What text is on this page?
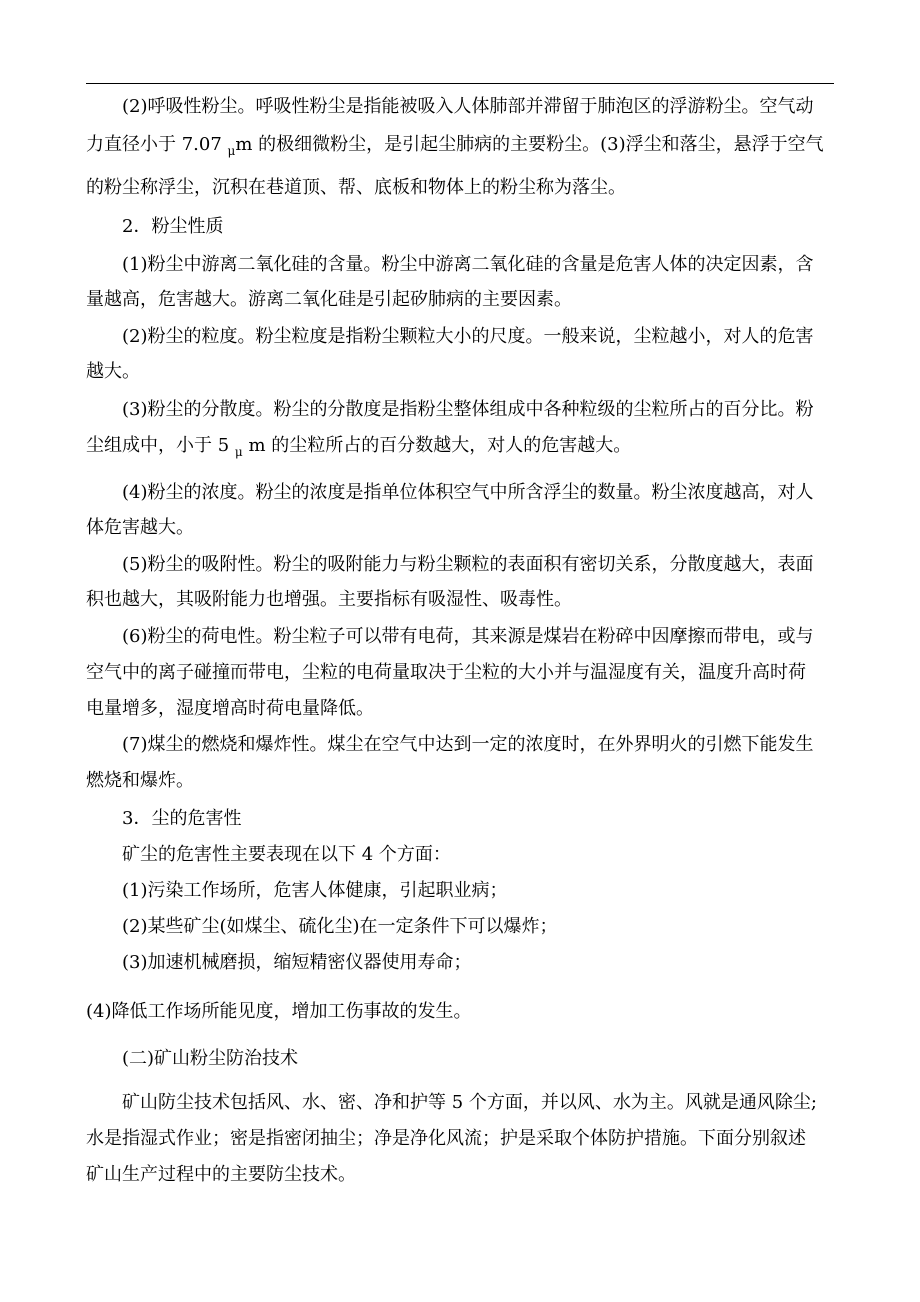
(2)呼吸性粉尘。呼吸性粉尘是指能被吸入人体肺部并滞留于肺泡区的浮游粉尘。空气动
力直径小于 7.07 $_\mu$m 的极细微粉尘，是引起尘肺病的主要粉尘。(3)浮尘和落尘，悬浮于空气
的粉尘称浮尘，沉积在巷道顶、帮、底板和物体上的粉尘称为落尘。
2．粉尘性质
(1)粉尘中游离二氧化硅的含量。粉尘中游离二氧化硅的含量是危害人体的决定因素，含
量越高，危害越大。游离二氧化硅是引起矽肺病的主要因素。
(2)粉尘的粒度。粉尘粒度是指粉尘颗粒大小的尺度。一般来说，尘粒越小，对人的危害
越大。
(3)粉尘的分散度。粉尘的分散度是指粉尘整体组成中各种粒级的尘粒所占的百分比。粉
尘组成中，小于 5 $_\mu$ m 的尘粒所占的百分数越大，对人的危害越大。
(4)粉尘的浓度。粉尘的浓度是指单位体积空气中所含浮尘的数量。粉尘浓度越高，对人
体危害越大。
(5)粉尘的吸附性。粉尘的吸附能力与粉尘颗粒的表面积有密切关系，分散度越大，表面
积也越大，其吸附能力也增强。主要指标有吸湿性、吸毒性。
(6)粉尘的荷电性。粉尘粒子可以带有电荷，其来源是煤岩在粉碎中因摩擦而带电，或与
空气中的离子碰撞而带电，尘粒的电荷量取决于尘粒的大小并与温湿度有关，温度升高时荷
电量增多，湿度增高时荷电量降低。
(7)煤尘的燃烧和爆炸性。煤尘在空气中达到一定的浓度时，在外界明火的引燃下能发生
燃烧和爆炸。
3．尘的危害性
矿尘的危害性主要表现在以下 4 个方面：
(1)污染工作场所，危害人体健康，引起职业病；
(2)某些矿尘(如煤尘、硫化尘)在一定条件下可以爆炸；
(3)加速机械磨损，缩短精密仪器使用寿命；
(4)降低工作场所能见度，增加工伤事故的发生。
(二)矿山粉尘防治技术
矿山防尘技术包括风、水、密、净和护等 5 个方面，并以风、水为主。风就是通风除尘;
水是指湿式作业；密是指密闭抽尘；净是净化风流；护是采取个体防护措施。下面分别叙述
矿山生产过程中的主要防尘技术。
